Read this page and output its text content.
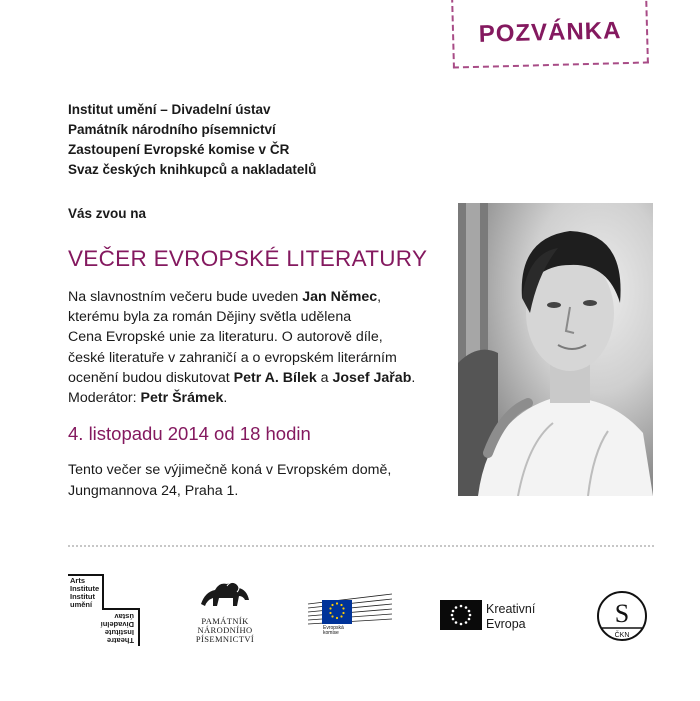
POZVÁNKA
Institut umění – Divadelní ústav
Památník národního písemnictví
Zastoupení Evropské komise v ČR
Svaz českých knihkupců a nakladatelů
Vás zvou na
VEČER EVROPSKÉ LITERATURY
Na slavnostním večeru bude uveden Jan Němec,
kterému byla za román Dějiny světla udělena
Cena Evropské unie za literaturu. O autorově díle,
české literatuře v zahraničí a o evropském literárním
ocenění budou diskutovat Petr A. Bílek a Josef Jařab.
Moderátor: Petr Šrámek.
4. listopadu 2014 od 18 hodin
Tento večer se výjimečně koná v Evropském domě,
Jungmannova 24, Praha 1.
Arts
Institute
Institut
umění
Theatre
Institute
Divadelní
ústav	PAMÁTNÍK
NÁRODNÍHO
PÍSEMNICTVÍ
Evropská
komise
Kreativní
Evropa	S
ČKN
